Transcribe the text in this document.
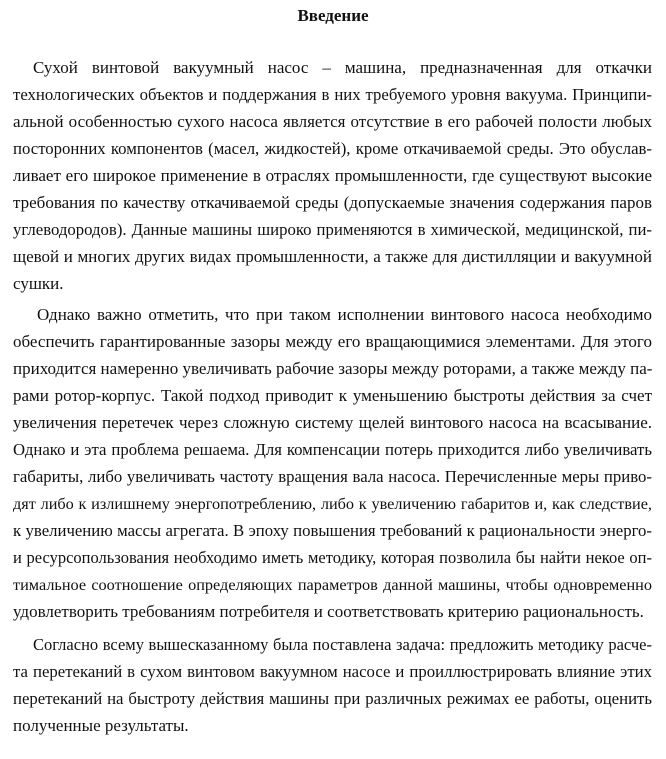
Введение
Сухой винтовой вакуумный насос – машина, предназначенная для откачки
технологических объектов и поддержания в них требуемого уровня вакуума. Принципи-
альной особенностью сухого насоса является отсутствие в его рабочей полости любых
посторонних компонентов (масел, жидкостей), кроме откачиваемой среды. Это обуслав-
ливает его широкое применение в отраслях промышленности, где существуют высокие
требования по качеству откачиваемой среды (допускаемые значения содержания паров
углеводородов). Данные машины широко применяются в химической, медицинской, пи-
щевой и многих других видах промышленности, а также для дистилляции и вакуумной
сушки.
Однако важно отметить, что при таком исполнении винтового насоса необходимо
обеспечить гарантированные зазоры между его вращающимися элементами. Для этого
приходится намеренно увеличивать рабочие зазоры между роторами, а также между па-
рами ротор-корпус. Такой подход приводит к уменьшению быстроты действия за счет
увеличения перетечек через сложную систему щелей винтового насоса на всасывание.
Однако и эта проблема решаема. Для компенсации потерь приходится либо увеличивать
габариты, либо увеличивать частоту вращения вала насоса. Перечисленные меры приво-
дят либо к излишнему энергопотреблению, либо к увеличению габаритов и, как следствие,
к увеличению массы агрегата. В эпоху повышения требований к рациональности энерго-
и ресурсопользования необходимо иметь методику, которая позволила бы найти некое оп-
тимальное соотношение определяющих параметров данной машины, чтобы одновременно
удовлетворить требованиям потребителя и соответствовать критерию рациональность.
Согласно всему вышесказанному была поставлена задача: предложить методику расче-
та перетеканий в сухом винтовом вакуумном насосе и проиллюстрировать влияние этих
перетеканий на быстроту действия машины при различных режимах ее работы, оценить
полученные результаты.
